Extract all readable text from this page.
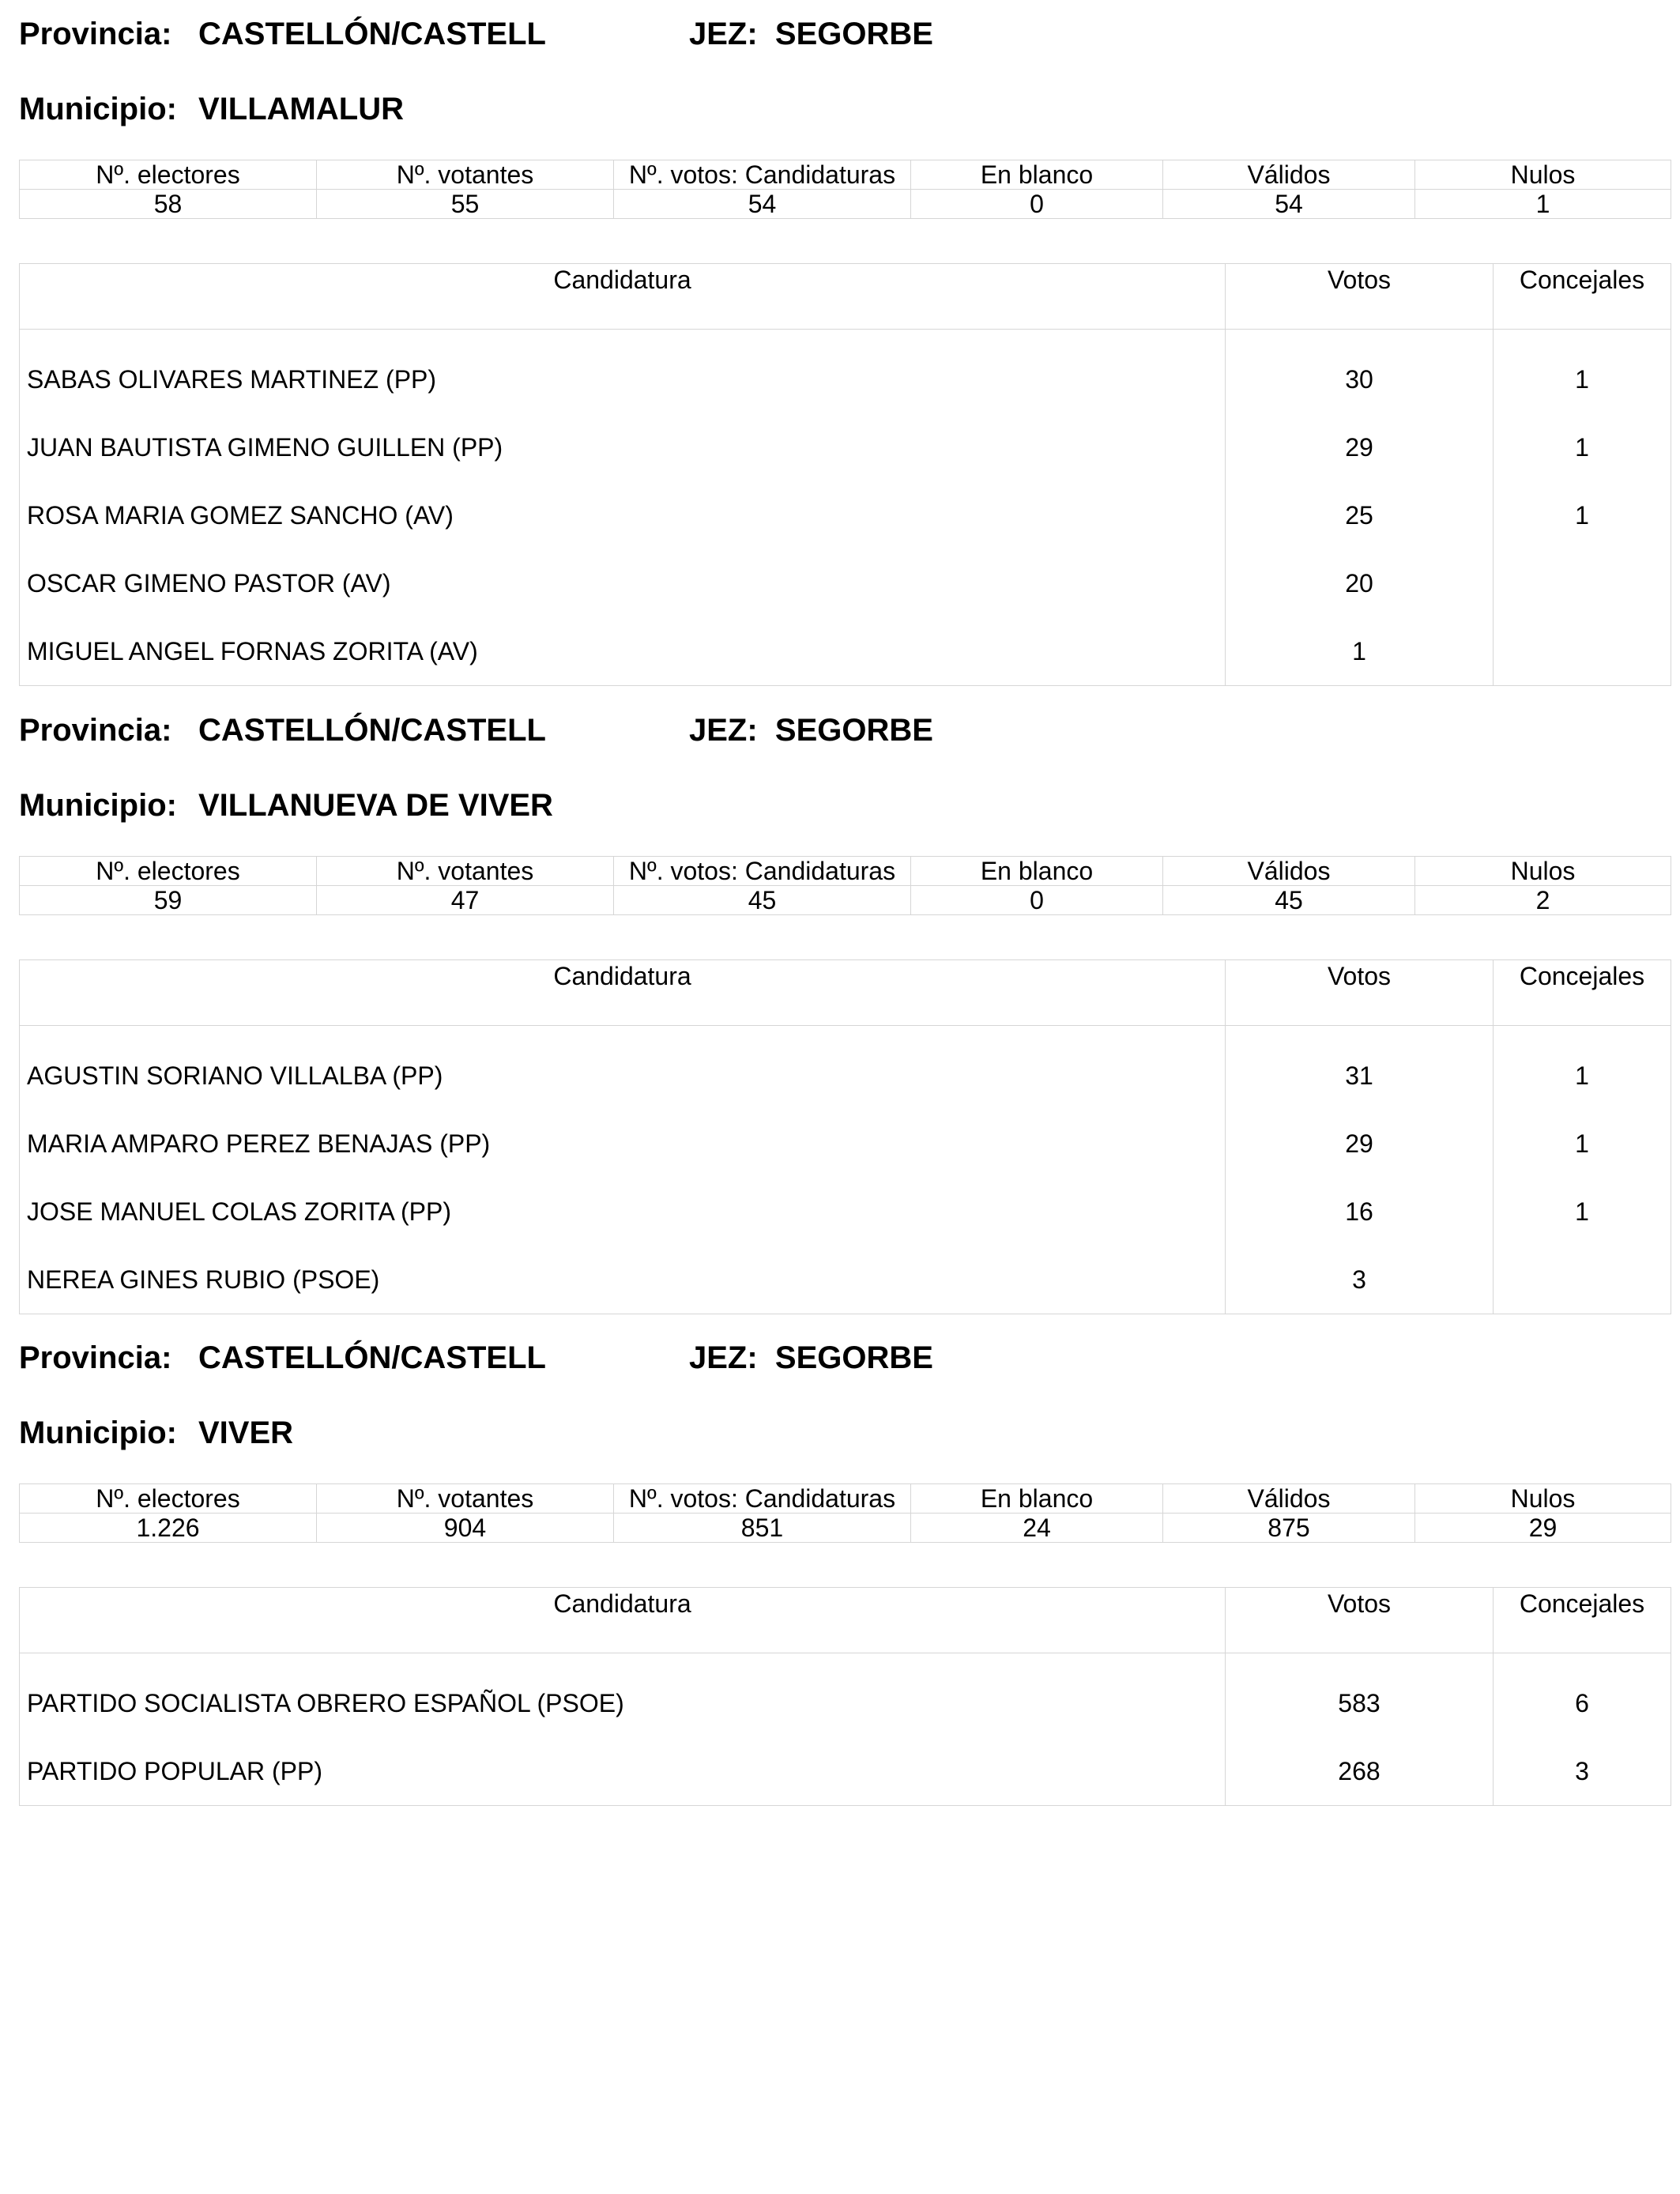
Provincia: CASTELLÓN/CASTELL	JEZ: SEGORBE
Municipio: VILLAMALUR
Nº. electores	Nº. votantes	Nº. votos: Candidaturas	En blanco	Válidos	Nulos
58	55	54	0	54	1
Candidatura	Votos	Concejales
SABAS OLIVARES MARTINEZ (PP)	30	1
JUAN BAUTISTA GIMENO GUILLEN (PP)	29	1
ROSA MARIA GOMEZ SANCHO (AV)	25	1
OSCAR GIMENO PASTOR (AV)	20	
MIGUEL ANGEL FORNAS ZORITA (AV)	1	
Provincia: CASTELLÓN/CASTELL	JEZ: SEGORBE
Municipio: VILLANUEVA DE VIVER
Nº. electores	Nº. votantes	Nº. votos: Candidaturas	En blanco	Válidos	Nulos
59	47	45	0	45	2
Candidatura	Votos	Concejales
AGUSTIN SORIANO VILLALBA (PP)	31	1
MARIA AMPARO PEREZ BENAJAS (PP)	29	1
JOSE MANUEL COLAS ZORITA (PP)	16	1
NEREA GINES RUBIO (PSOE)	3	
Provincia: CASTELLÓN/CASTELL	JEZ: SEGORBE
Municipio: VIVER
Nº. electores	Nº. votantes	Nº. votos: Candidaturas	En blanco	Válidos	Nulos
1.226	904	851	24	875	29
Candidatura	Votos	Concejales
PARTIDO SOCIALISTA OBRERO ESPAÑOL (PSOE)	583	6
PARTIDO POPULAR (PP)	268	3
